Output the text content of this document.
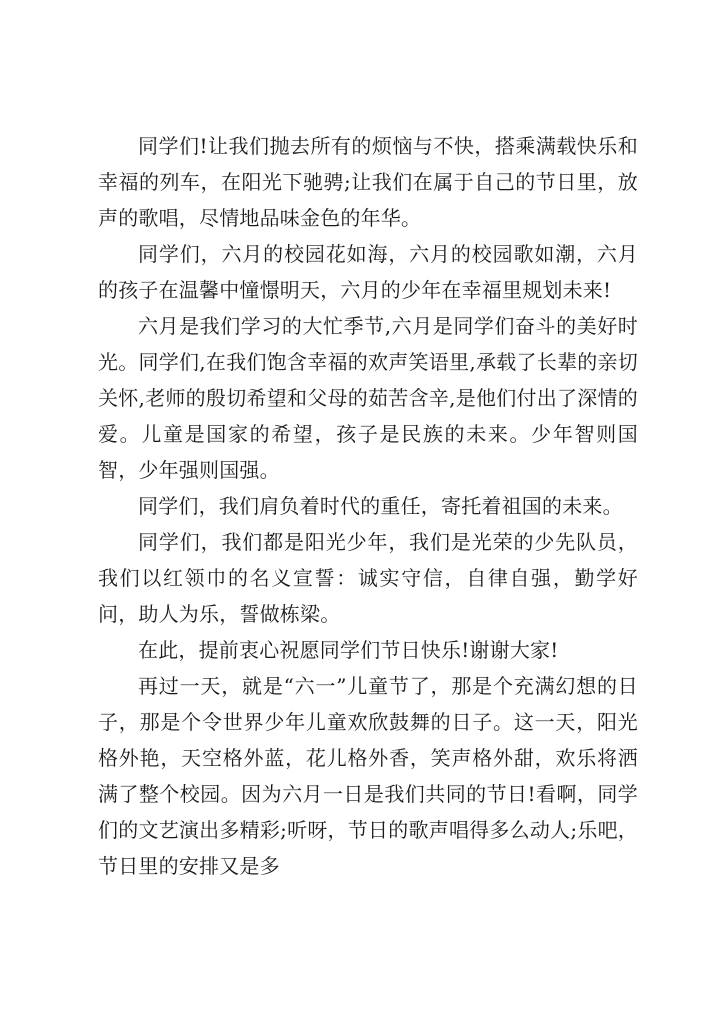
同学们!让我们抛去所有的烦恼与不快，搭乘满载快乐和幸福的列车，在阳光下驰骋;让我们在属于自己的节日里，放声的歌唱，尽情地品味金色的年华。

同学们，六月的校园花如海，六月的校园歌如潮，六月的孩子在温馨中憧憬明天，六月的少年在幸福里规划未来!

六月是我们学习的大忙季节,六月是同学们奋斗的美好时光。同学们,在我们饱含幸福的欢声笑语里,承载了长辈的亲切关怀,老师的殷切希望和父母的茹苦含辛,是他们付出了深情的爱。儿童是国家的希望，孩子是民族的未来。少年智则国智，少年强则国强。

同学们，我们肩负着时代的重任，寄托着祖国的未来。

同学们，我们都是阳光少年，我们是光荣的少先队员，我们以红领巾的名义宣誓：诚实守信，自律自强，勤学好问，助人为乐，誓做栋梁。

在此，提前衷心祝愿同学们节日快乐!谢谢大家!

再过一天，就是“六一”儿童节了，那是个充满幻想的日子，那是个令世界少年儿童欢欣鼓舞的日子。这一天，阳光格外艳，天空格外蓝，花儿格外香，笑声格外甜，欢乐将洒满了整个校园。因为六月一日是我们共同的节日!看啊，同学们的文艺演出多精彩;听呀，节日的歌声唱得多么动人;乐吧，节日里的安排又是多
